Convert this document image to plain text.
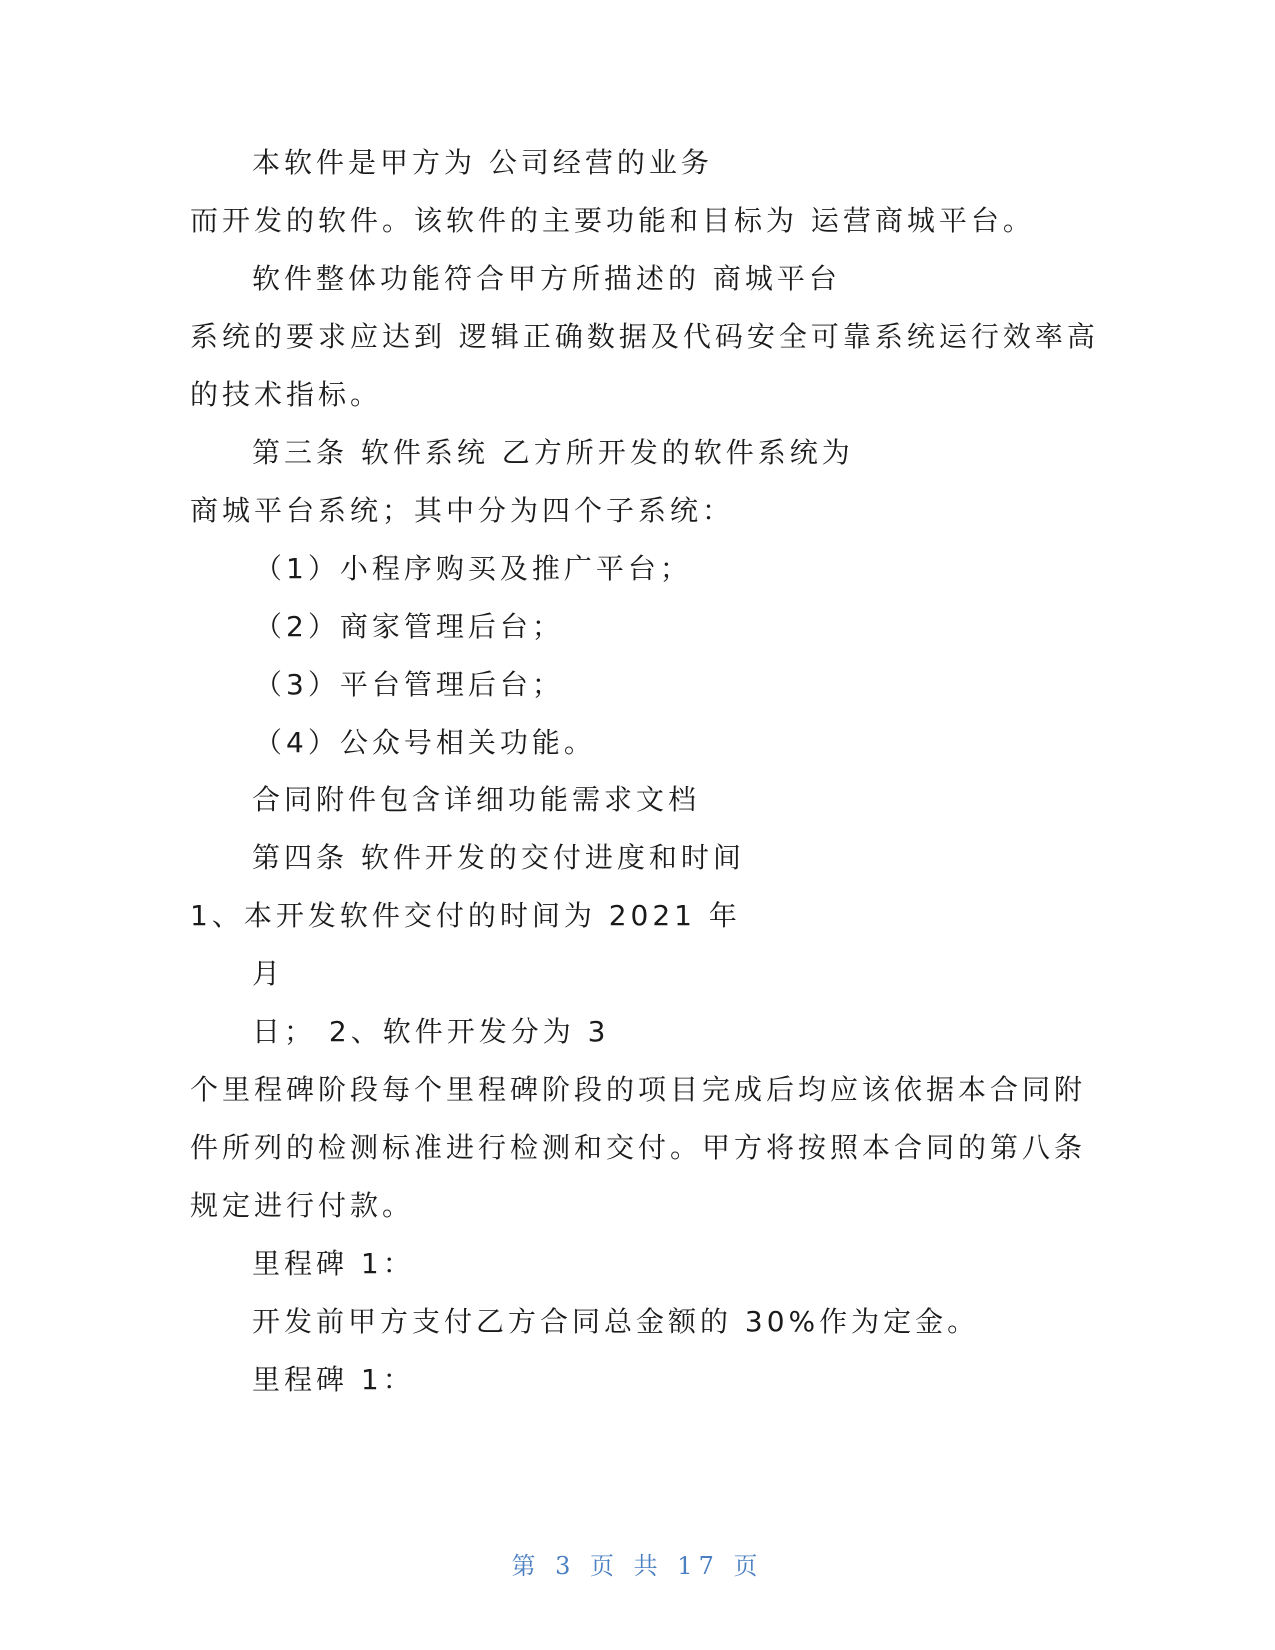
本软件是甲方为 公司经营的业务
而开发的软件。该软件的主要功能和目标为 运营商城平台。
软件整体功能符合甲方所描述的 商城平台
系统的要求应达到 逻辑正确数据及代码安全可靠系统运行效率高
的技术指标。
第三条 软件系统 乙方所开发的软件系统为
商城平台系统；其中分为四个子系统：
（1）小程序购买及推广平台；
（2）商家管理后台；
（3）平台管理后台；
（4）公众号相关功能。
合同附件包含详细功能需求文档
第四条 软件开发的交付进度和时间
1、本开发软件交付的时间为 2021 年
月
日； 2、软件开发分为 3
个里程碑阶段每个里程碑阶段的项目完成后均应该依据本合同附
件所列的检测标准进行检测和交付。甲方将按照本合同的第八条
规定进行付款。
里程碑 1：
开发前甲方支付乙方合同总金额的 30%作为定金。
里程碑 1：
第 3 页 共 17 页
